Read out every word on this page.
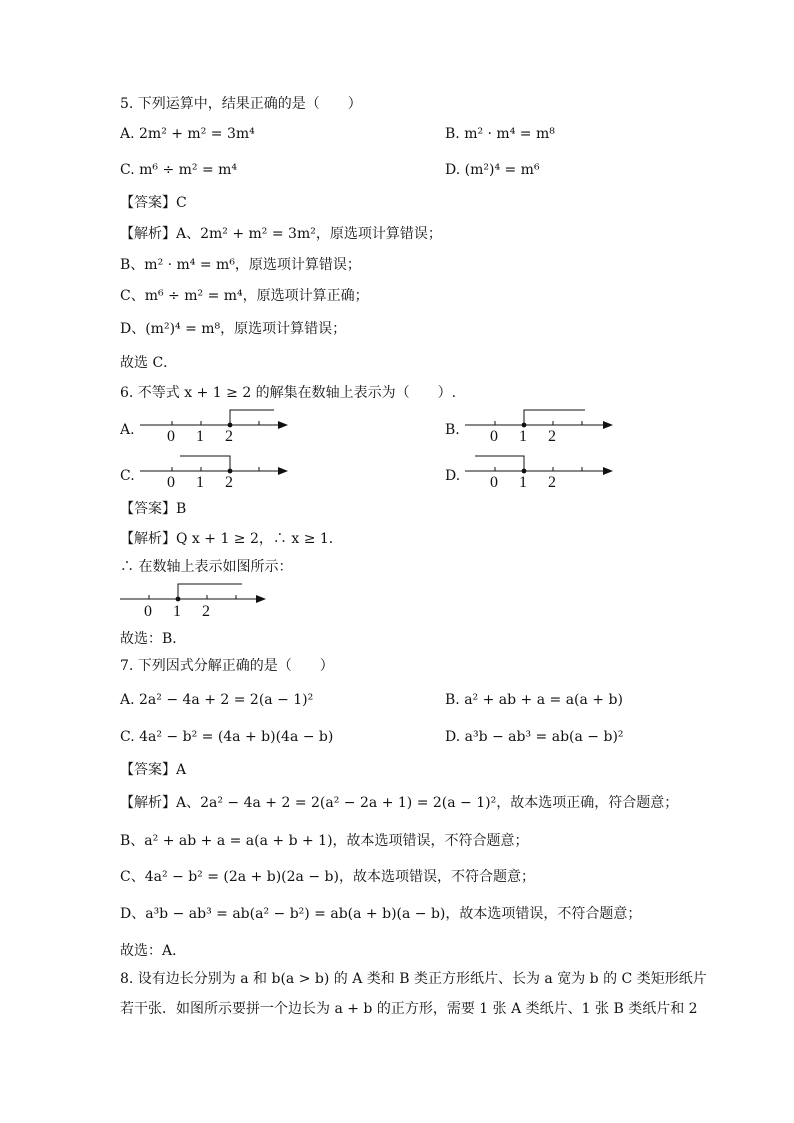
5. 下列运算中，结果正确的是（　　）
A. 2m² + m² = 3m⁴	B. m² · m⁴ = m⁸
C. m⁶ ÷ m² = m⁴	D. (m²)⁴ = m⁶
【答案】C
【解析】A、2m² + m² = 3m²，原选项计算错误；
B、m² · m⁴ = m⁶，原选项计算错误；
C、m⁶ ÷ m² = m⁴，原选项计算正确；
D、(m²)⁴ = m⁸，原选项计算错误；
故选 C．
6. 不等式 x + 1 ≥ 2 的解集在数轴上表示为（　　）.
A. 0 1 2	B. 0 1 2
C. 0 1 2	D. 0 1 2
【答案】B
【解析】Q x + 1 ≥ 2，∴ x ≥ 1．
∴ 在数轴上表示如图所示：
0 1 2
故选：B．
7. 下列因式分解正确的是（　　）
A. 2a² − 4a + 2 = 2(a − 1)²	B. a² + ab + a = a(a + b)
C. 4a² − b² = (4a + b)(4a − b)	D. a³b − ab³ = ab(a − b)²
【答案】A
【解析】A、2a² − 4a + 2 = 2(a² − 2a + 1) = 2(a − 1)²，故本选项正确，符合题意；
B、a² + ab + a = a(a + b + 1)，故本选项错误，不符合题意；
C、4a² − b² = (2a + b)(2a − b)，故本选项错误，不符合题意；
D、a³b − ab³ = ab(a² − b²) = ab(a + b)(a − b)，故本选项错误，不符合题意；
故选：A．
8. 设有边长分别为 a 和 b(a > b) 的 A 类和 B 类正方形纸片、长为 a 宽为 b 的 C 类矩形纸片
若干张．如图所示要拼一个边长为 a + b 的正方形，需要 1 张 A 类纸片、1 张 B 类纸片和 2
